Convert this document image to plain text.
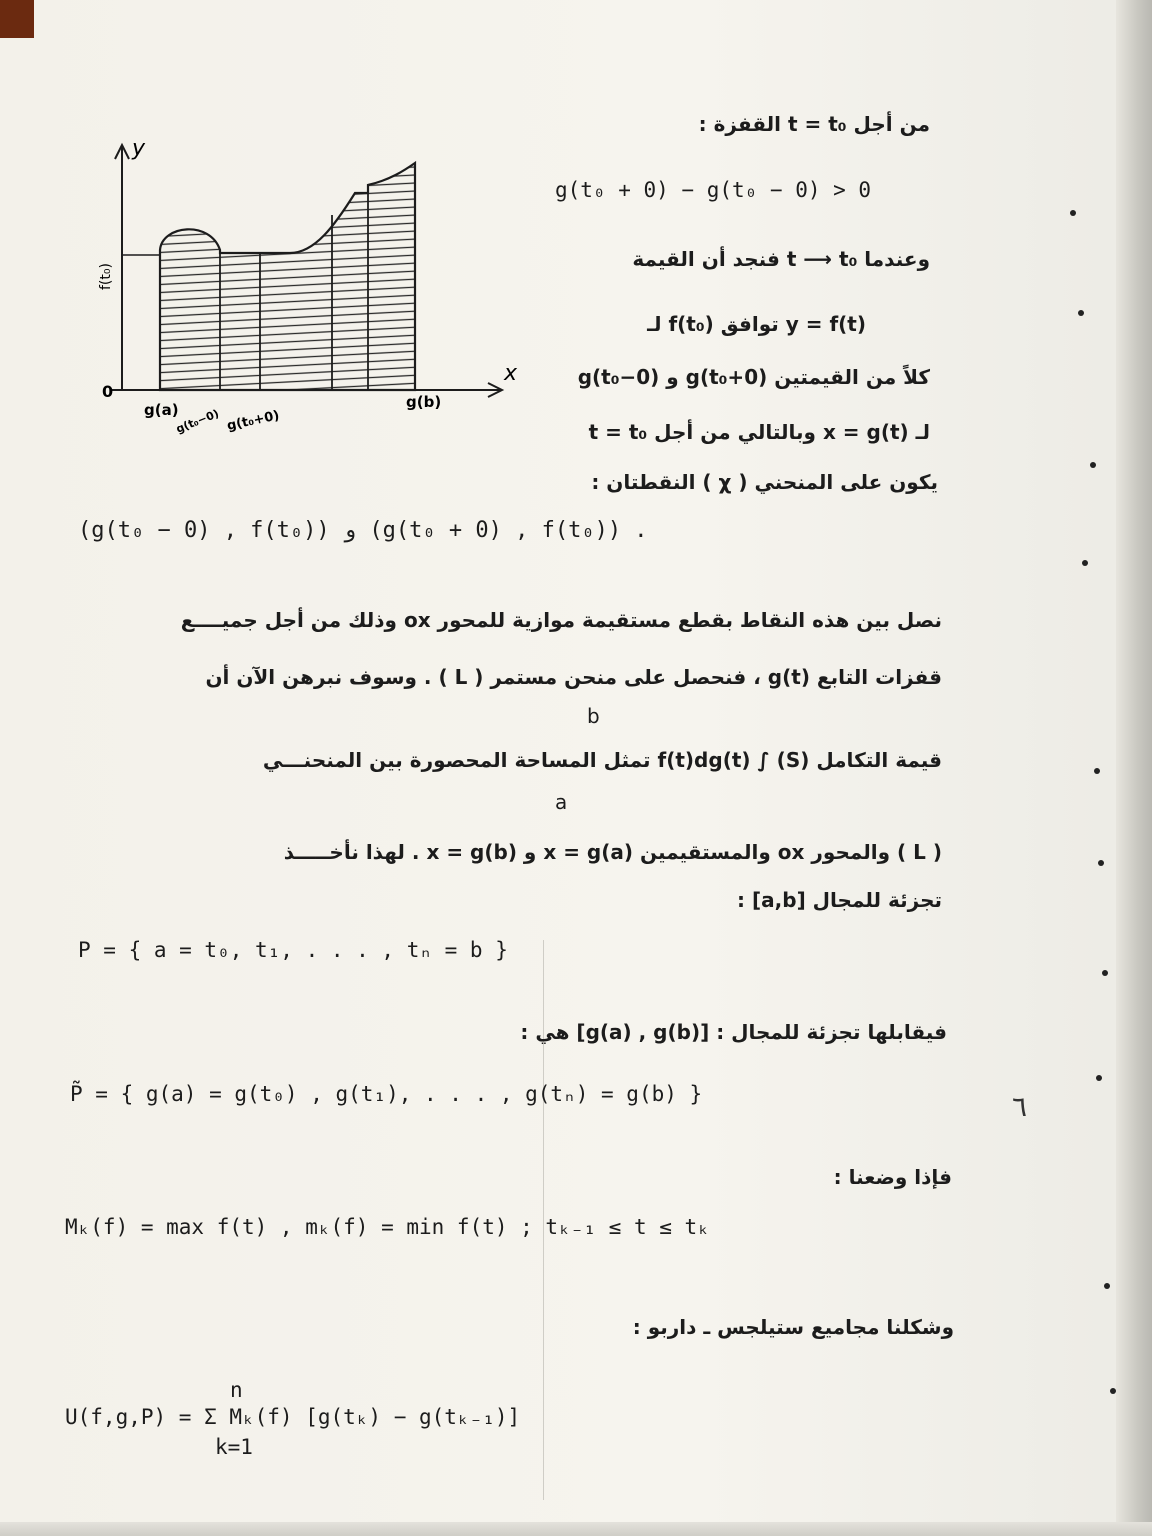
y
x
f(t₀)
0
g(a)
g(t₀−0) g(t₀+0)
g(b)
من أجل t = t₀ القفزة :
g(t₀ + 0) − g(t₀ − 0) > 0
وعندما t ⟶ t₀ فنجد أن القيمة
y = f(t) توافق f(t₀) لـ
كلاً من القيمتين g(t₀+0) و g(t₀−0)
لـ x = g(t) وبالتالي من أجل t = t₀
يكون على المنحني ( χ ) النقطتان :
(g(t₀ − 0) , f(t₀)) و (g(t₀ + 0) , f(t₀)) .
نصل بين هذه النقاط بقطع مستقيمة موازية للمحور ox وذلك من أجل جميــــع
قفزات التابع g(t) ، فنحصل على منحن مستمر ( L ) . وسوف نبرهن الآن أن
b
a
قيمة التكامل (S) ∫ f(t)dg(t) تمثل المساحة المحصورة بين المنحنـــي
( L ) والمحور ox والمستقيمين x = g(a) و x = g(b) . لهذا نأخـــــذ
تجزئة للمجال [a,b] :
P = { a = t₀, t₁, . . . , tₙ = b }
فيقابلها تجزئة للمجال : [g(a) , g(b)] هي :
P̃ = { g(a) = g(t₀) , g(t₁), . . . , g(tₙ) = g(b) }
فإذا وضعنا :
Mₖ(f) = max f(t) , mₖ(f) = min f(t) ; tₖ₋₁ ≤ t ≤ tₖ
وشكلنا مجاميع ستيلجس ـ داربو :
n
k=1
U(f,g,P) = Σ Mₖ(f) [g(tₖ) − g(tₖ₋₁)]
٦
